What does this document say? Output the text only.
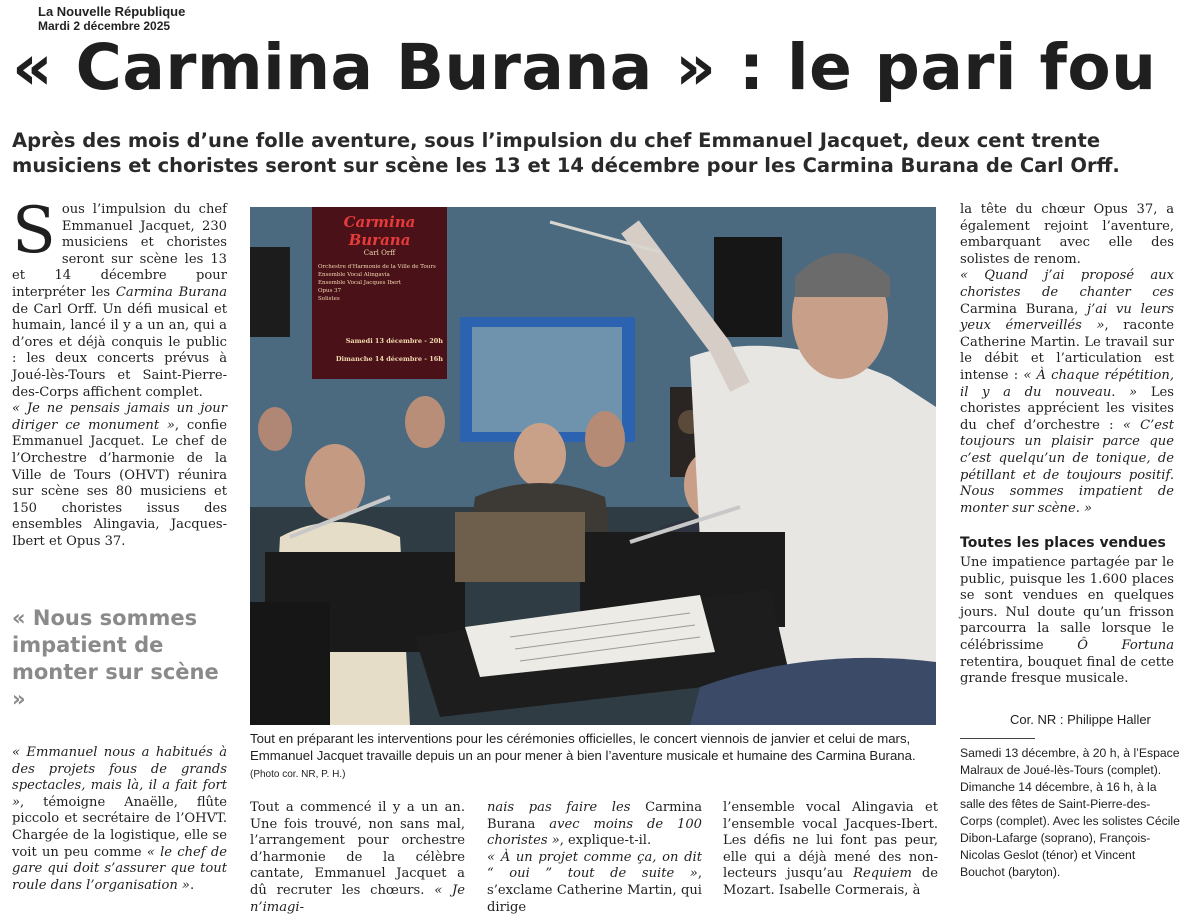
La Nouvelle République
Mardi 2 décembre 2025
« Carmina Burana » : le pari fou
Après des mois d’une folle aventure, sous l’impulsion du chef Emmanuel Jacquet, deux cent trente musiciens et choristes seront sur scène les 13 et 14 décembre pour les Carmina Burana de Carl Orff.

Sous l’impulsion du chef Emmanuel Jacquet, 230 musiciens et choristes seront sur scène les 13 et 14 décembre pour interpréter les Carmina Burana de Carl Orff. Un défi musical et humain, lancé il y a un an, qui a d’ores et déjà conquis le public : les deux concerts prévus à Joué-lès-Tours et Saint-Pierre-des-Corps affichent complet.

« Je ne pensais jamais un jour diriger ce monument », confie Emmanuel Jacquet. Le chef de l’Orchestre d’harmonie de la Ville de Tours (OHVT) réunira sur scène ses 80 musiciens et 150 choristes issus des ensembles Alingavia, Jacques-Ibert et Opus 37.

« Nous sommes impatient de monter sur scène »

« Emmanuel nous a habitués à des projets fous de grands spectacles, mais là, il a fait fort », témoigne Anaëlle, flûte piccolo et secrétaire de l’OHVT. Chargée de la logistique, elle se voit un peu comme « le chef de gare qui doit s’assurer que tout roule dans l’organisation ».

Carmina Burana
Carl Orff
Orchestre d'Harmonie de la Ville de Tours
Ensemble Vocal Alingavia
Ensemble Vocal Jacques Ibert
Opus 37
Solistes
Samedi 13 décembre - 20h
Dimanche 14 décembre - 16h
Tout en préparant les interventions pour les cérémonies officielles, le concert viennois de janvier et celui de mars, Emmanuel Jacquet travaille depuis un an pour mener à bien l’aventure musicale et humaine des Carmina Burana. (Photo cor. NR, P. H.)

Tout a commencé il y a un an. Une fois trouvé, non sans mal, l’arrangement pour orchestre d’harmonie de la célèbre cantate, Emmanuel Jacquet a dû recruter les chœurs. « Je n’imagi-

nais pas faire les Carmina Burana avec moins de 100 choristes », explique-t-il.

« À un projet comme ça, on dit “ oui ” tout de suite », s’exclame Catherine Martin, qui dirige

l’ensemble vocal Alingavia et l’ensemble vocal Jacques-Ibert. Les défis ne lui font pas peur, elle qui a déjà mené des non-lecteurs jusqu’au Requiem de Mozart. Isabelle Cormerais, à

la tête du chœur Opus 37, a également rejoint l’aventure, embarquant avec elle des solistes de renom.

« Quand j’ai proposé aux choristes de chanter ces Carmina Burana, j’ai vu leurs yeux émerveillés », raconte Catherine Martin. Le travail sur le débit et l’articulation est intense : « À chaque répétition, il y a du nouveau. » Les choristes apprécient les visites du chef d’orchestre : « C’est toujours un plaisir parce que c’est quelqu’un de tonique, de pétillant et de toujours positif. Nous sommes impatient de monter sur scène. »

Toutes les places vendues

Une impatience partagée par le public, puisque les 1.600 places se sont vendues en quelques jours. Nul doute qu’un frisson parcourra la salle lorsque le célébrissime Ô Fortuna retentira, bouquet final de cette grande fresque musicale.

Cor. NR : Philippe Haller
Samedi 13 décembre, à 20 h, à l’Espace Malraux de Joué-lès-Tours (complet). Dimanche 14 décembre, à 16 h, à la salle des fêtes de Saint-Pierre-des-Corps (complet). Avec les solistes Cécile Dibon-Lafarge (soprano), François-Nicolas Geslot (ténor) et Vincent Bouchot (baryton).
